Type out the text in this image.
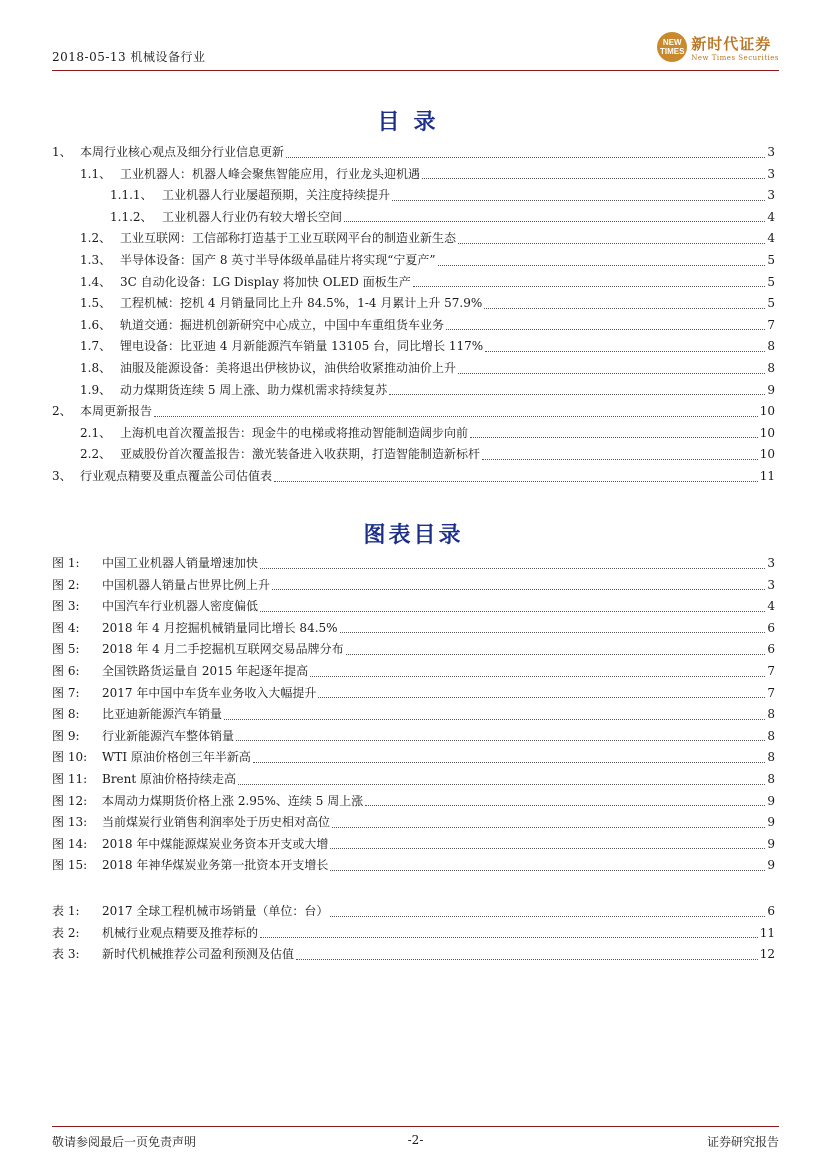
2018-05-13 机械设备行业
NEW TIMES 新时代证券
New Times Securities
目录
1、 本周行业核心观点及细分行业信息更新	3
1.1、 工业机器人：机器人峰会聚焦智能应用，行业龙头迎机遇	3
1.1.1、 工业机器人行业屡超预期，关注度持续提升	3
1.1.2、 工业机器人行业仍有较大增长空间	4
1.2、 工业互联网：工信部称打造基于工业互联网平台的制造业新生态	4
1.3、 半导体设备：国产 8 英寸半导体级单晶硅片将实现“宁夏产”	5
1.4、 3C 自动化设备：LG Display 将加快 OLED 面板生产	5
1.5、 工程机械：挖机 4 月销量同比上升 84.5%，1-4 月累计上升 57.9%	5
1.6、 轨道交通：掘进机创新研究中心成立，中国中车重组货车业务	7
1.7、 锂电设备：比亚迪 4 月新能源汽车销量 13105 台，同比增长 117%	8
1.8、 油服及能源设备：美将退出伊核协议，油供给收紧推动油价上升	8
1.9、 动力煤期货连续 5 周上涨、助力煤机需求持续复苏	9
2、 本周更新报告	10
2.1、 上海机电首次覆盖报告：现金牛的电梯或将推动智能制造阔步向前	10
2.2、 亚威股份首次覆盖报告：激光装备进入收获期，打造智能制造新标杆	10
3、 行业观点精要及重点覆盖公司估值表	11
图表目录
图 1:	中国工业机器人销量增速加快	3
图 2:	中国机器人销量占世界比例上升	3
图 3:	中国汽车行业机器人密度偏低	4
图 4:	2018 年 4 月挖掘机械销量同比增长 84.5%	6
图 5:	2018 年 4 月二手挖掘机互联网交易品牌分布	6
图 6:	全国铁路货运量自 2015 年起逐年提高	7
图 7:	2017 年中国中车货车业务收入大幅提升	7
图 8:	比亚迪新能源汽车销量	8
图 9:	行业新能源汽车整体销量	8
图 10:	WTI 原油价格创三年半新高	8
图 11:	Brent 原油价格持续走高	8
图 12:	本周动力煤期货价格上涨 2.95%、连续 5 周上涨	9
图 13:	当前煤炭行业销售利润率处于历史相对高位	9
图 14:	2018 年中煤能源煤炭业务资本开支或大增	9
图 15:	2018 年神华煤炭业务第一批资本开支增长	9
表 1:	2017 全球工程机械市场销量（单位：台）	6
表 2:	机械行业观点精要及推荐标的	11
表 3:	新时代机械推荐公司盈利预测及估值	12
敬请参阅最后一页免责声明	-2-	证券研究报告
